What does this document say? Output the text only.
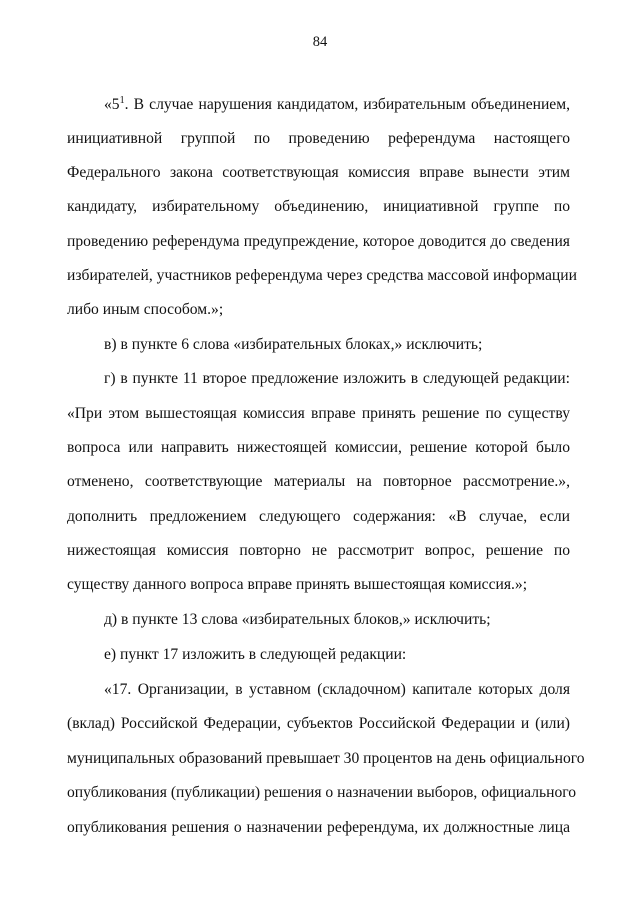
84
«$5^1$. В случае нарушения кандидатом, избирательным объединением,
инициативной группой по проведению референдума настоящего
Федерального закона соответствующая комиссия вправе вынести этим
кандидату, избирательному объединению, инициативной группе по
проведению референдума предупреждение, которое доводится до сведения
избирателей, участников референдума через средства массовой информации
либо иным способом.»;
в) в пункте 6 слова «избирательных блоках,» исключить;
г) в пункте 11 второе предложение изложить в следующей редакции:
«При этом вышестоящая комиссия вправе принять решение по существу
вопроса или направить нижестоящей комиссии, решение которой было
отменено, соответствующие материалы на повторное рассмотрение.»,
дополнить предложением следующего содержания: «В случае, если
нижестоящая комиссия повторно не рассмотрит вопрос, решение по
существу данного вопроса вправе принять вышестоящая комиссия.»;
д) в пункте 13 слова «избирательных блоков,» исключить;
е) пункт 17 изложить в следующей редакции:
«17. Организации, в уставном (складочном) капитале которых доля
(вклад) Российской Федерации, субъектов Российской Федерации и (или)
муниципальных образований превышает 30 процентов на день официального
опубликования (публикации) решения о назначении выборов, официального
опубликования решения о назначении референдума, их должностные лица
